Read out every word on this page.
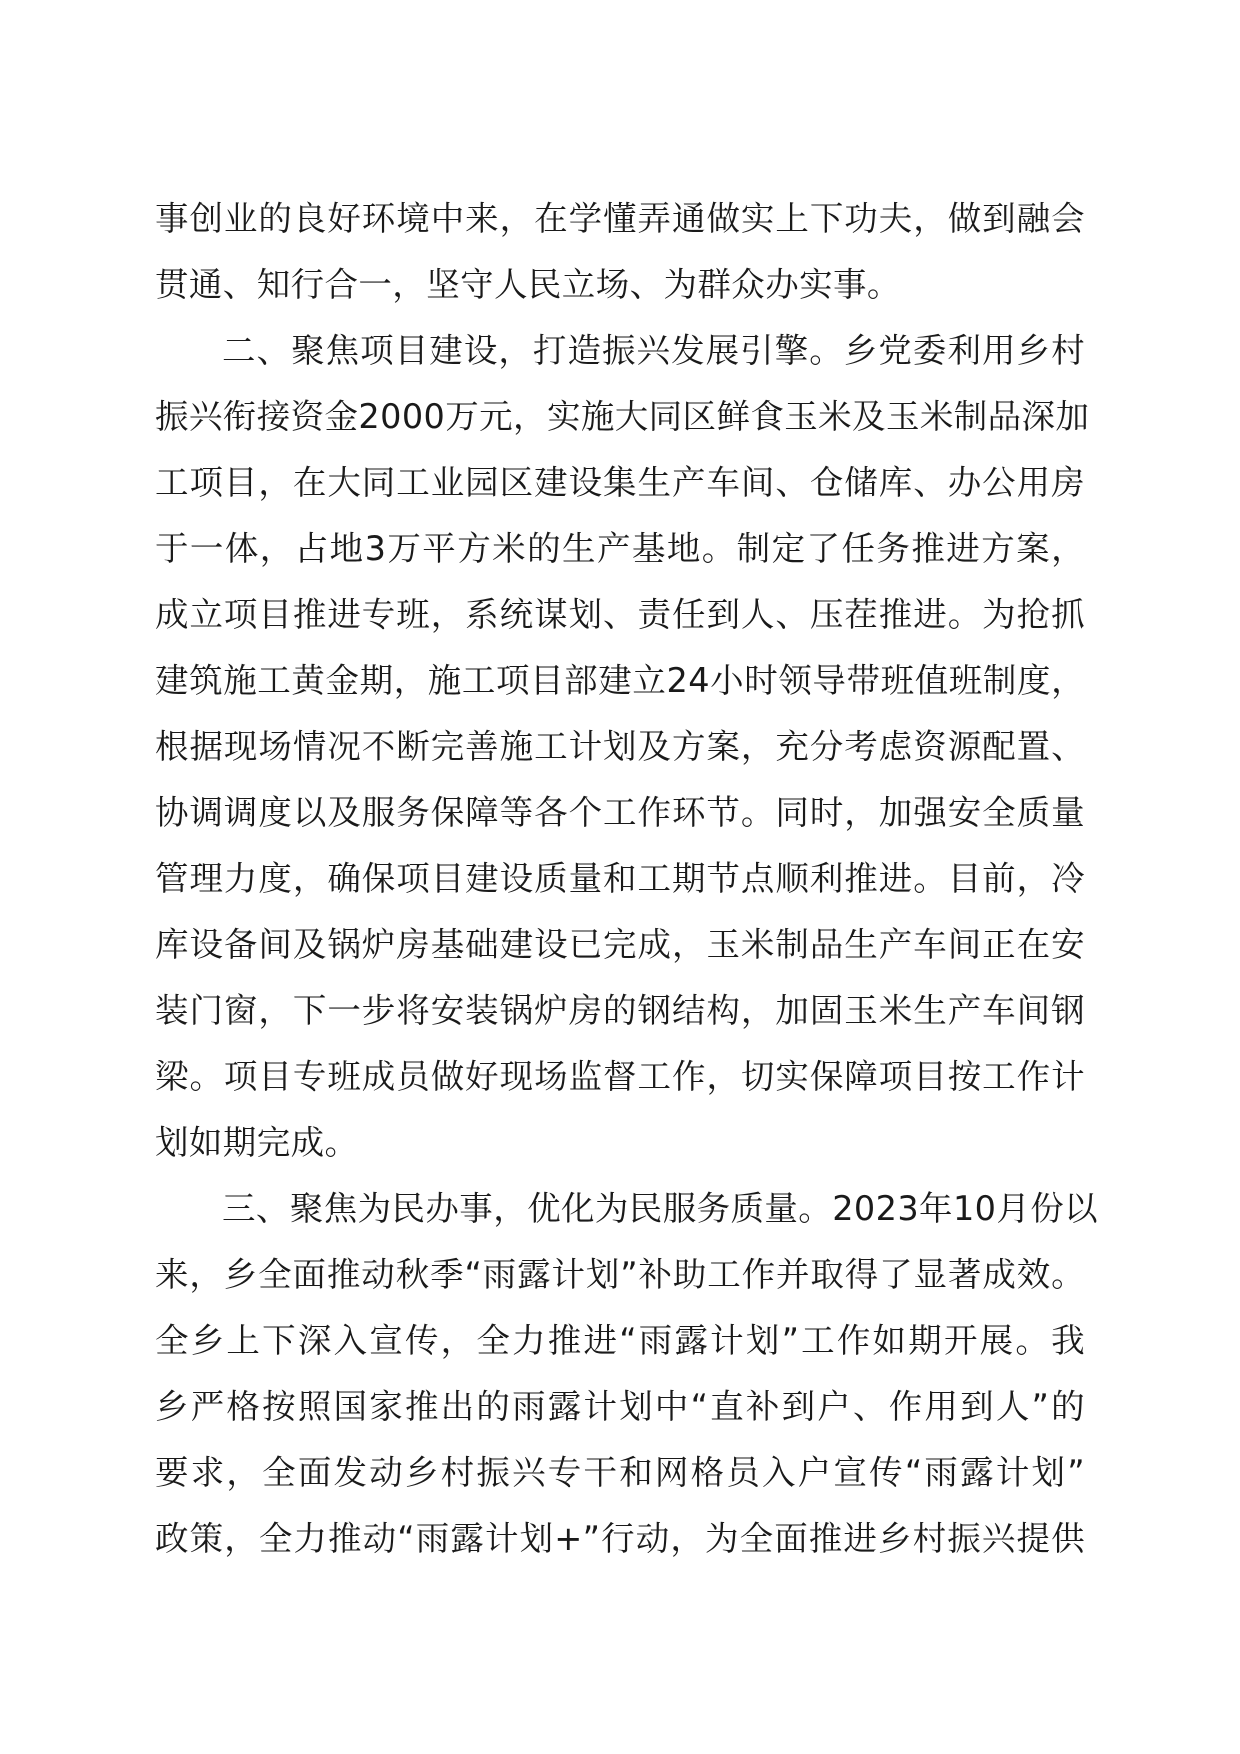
事创业的良好环境中来，在学懂弄通做实上下功夫，做到融会
贯通、知行合一，坚守人民立场、为群众办实事。
二、聚焦项目建设，打造振兴发展引擎。乡党委利用乡村
振兴衔接资金2000万元，实施大同区鲜食玉米及玉米制品深加
工项目，在大同工业园区建设集生产车间、仓储库、办公用房
于一体，占地3万平方米的生产基地。制定了任务推进方案，
成立项目推进专班，系统谋划、责任到人、压茬推进。为抢抓
建筑施工黄金期，施工项目部建立24小时领导带班值班制度，
根据现场情况不断完善施工计划及方案，充分考虑资源配置、
协调调度以及服务保障等各个工作环节。同时，加强安全质量
管理力度，确保项目建设质量和工期节点顺利推进。目前，冷
库设备间及锅炉房基础建设已完成，玉米制品生产车间正在安
装门窗，下一步将安装锅炉房的钢结构，加固玉米生产车间钢
梁。项目专班成员做好现场监督工作，切实保障项目按工作计
划如期完成。
三、聚焦为民办事，优化为民服务质量。2023年10月份以
来，乡全面推动秋季“雨露计划”补助工作并取得了显著成效。
全乡上下深入宣传，全力推进“雨露计划”工作如期开展。我
乡严格按照国家推出的雨露计划中“直补到户、作用到人”的
要求，全面发动乡村振兴专干和网格员入户宣传“雨露计划”
政策，全力推动“雨露计划+”行动，为全面推进乡村振兴提供
